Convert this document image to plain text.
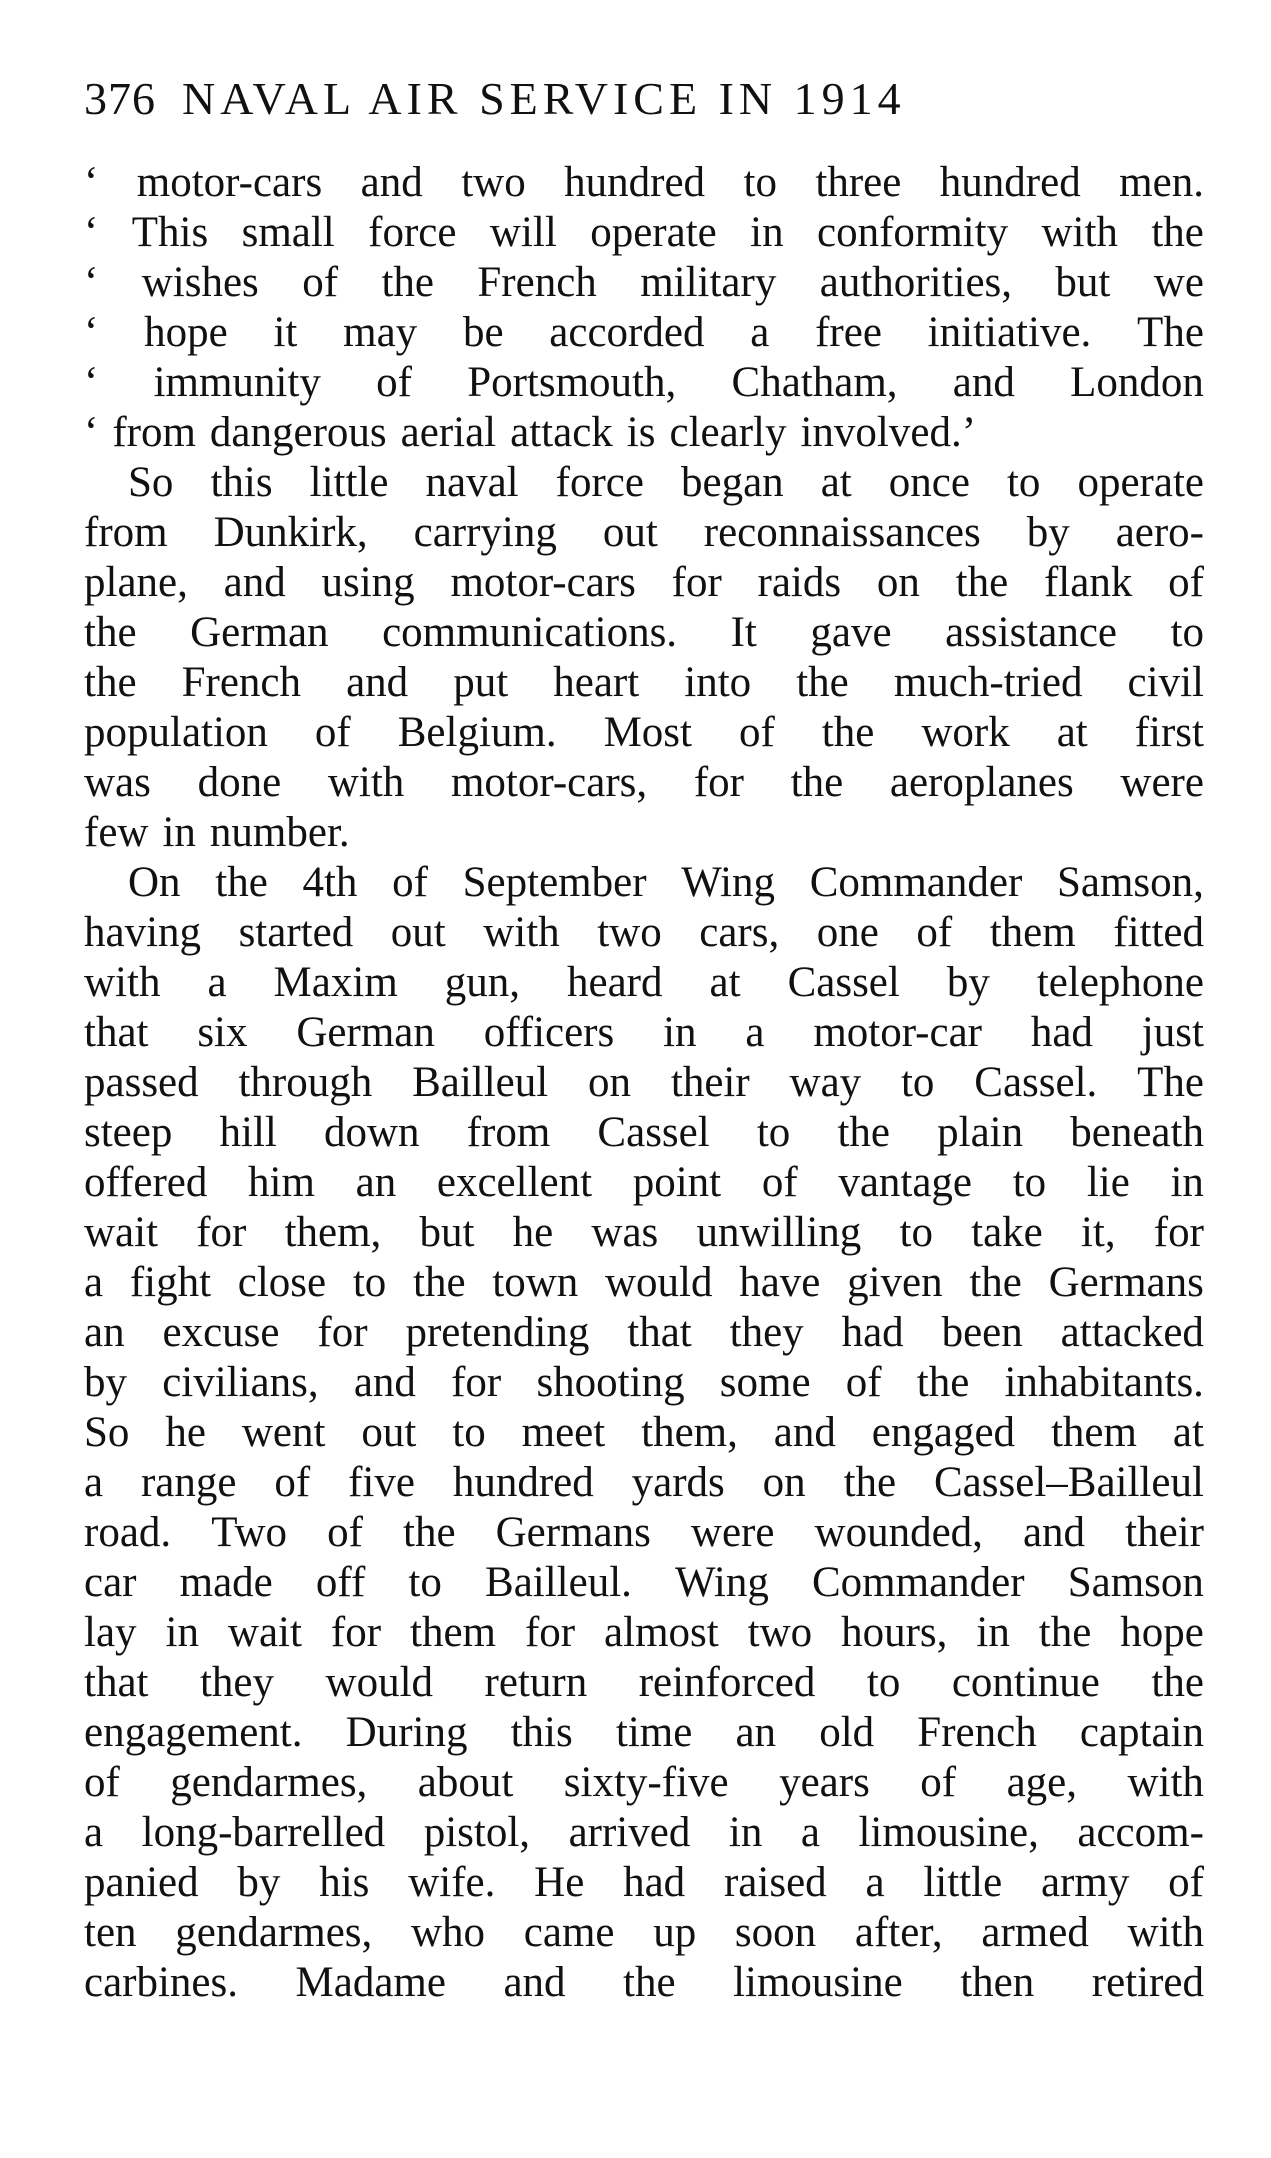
376 NAVAL AIR SERVICE IN 1914
‘ motor-cars and two hundred to three hundred men.
‘ This small force will operate in conformity with the
‘ wishes of the French military authorities, but we
‘ hope it may be accorded a free initiative. The
‘ immunity of Portsmouth, Chatham, and London
‘ from dangerous aerial attack is clearly involved.’
So this little naval force began at once to operate
from Dunkirk, carrying out reconnaissances by aero-
plane, and using motor-cars for raids on the flank of
the German communications. It gave assistance to
the French and put heart into the much-tried civil
population of Belgium. Most of the work at first
was done with motor-cars, for the aeroplanes were
few in number.
On the 4th of September Wing Commander Samson,
having started out with two cars, one of them fitted
with a Maxim gun, heard at Cassel by telephone
that six German officers in a motor-car had just
passed through Bailleul on their way to Cassel. The
steep hill down from Cassel to the plain beneath
offered him an excellent point of vantage to lie in
wait for them, but he was unwilling to take it, for
a fight close to the town would have given the Germans
an excuse for pretending that they had been attacked
by civilians, and for shooting some of the inhabitants.
So he went out to meet them, and engaged them at
a range of five hundred yards on the Cassel–Bailleul
road. Two of the Germans were wounded, and their
car made off to Bailleul. Wing Commander Samson
lay in wait for them for almost two hours, in the hope
that they would return reinforced to continue the
engagement. During this time an old French captain
of gendarmes, about sixty-five years of age, with
a long-barrelled pistol, arrived in a limousine, accom-
panied by his wife. He had raised a little army of
ten gendarmes, who came up soon after, armed with
carbines. Madame and the limousine then retired
